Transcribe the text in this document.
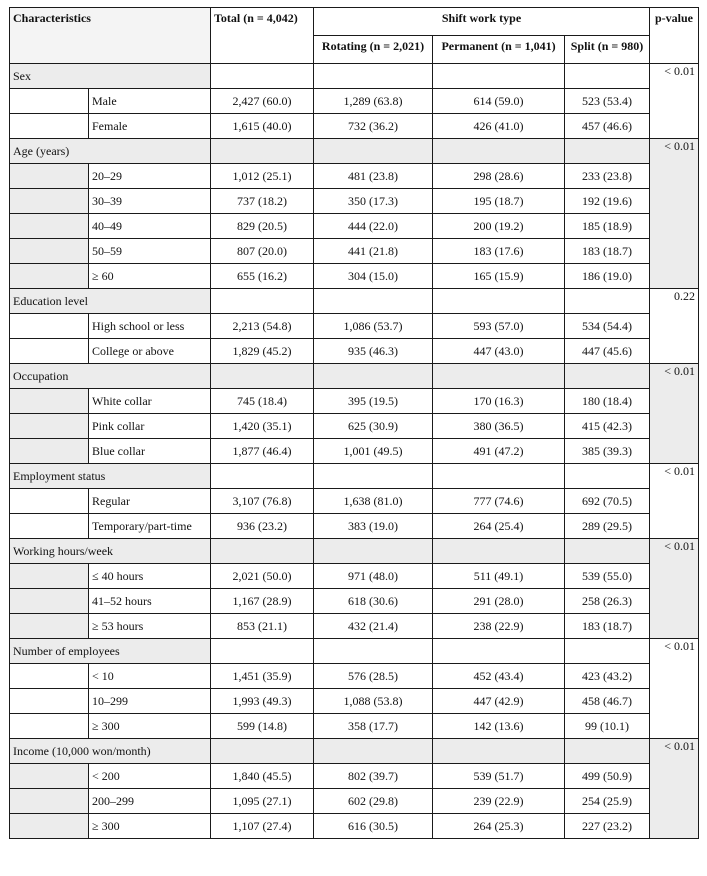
Characteristics		Total (n = 4,042)	Shift work type			p-value
			Rotating (n = 2,021)	Permanent (n = 1,041)	Split (n = 980)	
Sex						< 0.01
	Male	2,427 (60.0)	1,289 (63.8)	614 (59.0)	523 (53.4)	
	Female	1,615 (40.0)	732 (36.2)	426 (41.0)	457 (46.6)	
Age (years)						< 0.01
	20–29	1,012 (25.1)	481 (23.8)	298 (28.6)	233 (23.8)	
	30–39	737 (18.2)	350 (17.3)	195 (18.7)	192 (19.6)	
	40–49	829 (20.5)	444 (22.0)	200 (19.2)	185 (18.9)	
	50–59	807 (20.0)	441 (21.8)	183 (17.6)	183 (18.7)	
	≥ 60	655 (16.2)	304 (15.0)	165 (15.9)	186 (19.0)	
Education level						0.22
	High school or less	2,213 (54.8)	1,086 (53.7)	593 (57.0)	534 (54.4)	
	College or above	1,829 (45.2)	935 (46.3)	447 (43.0)	447 (45.6)	
Occupation						< 0.01
	White collar	745 (18.4)	395 (19.5)	170 (16.3)	180 (18.4)	
	Pink collar	1,420 (35.1)	625 (30.9)	380 (36.5)	415 (42.3)	
	Blue collar	1,877 (46.4)	1,001 (49.5)	491 (47.2)	385 (39.3)	
Employment status						< 0.01
	Regular	3,107 (76.8)	1,638 (81.0)	777 (74.6)	692 (70.5)	
	Temporary/part-time	936 (23.2)	383 (19.0)	264 (25.4)	289 (29.5)	
Working hours/week						< 0.01
	≤ 40 hours	2,021 (50.0)	971 (48.0)	511 (49.1)	539 (55.0)	
	41–52 hours	1,167 (28.9)	618 (30.6)	291 (28.0)	258 (26.3)	
	≥ 53 hours	853 (21.1)	432 (21.4)	238 (22.9)	183 (18.7)	
Number of employees						< 0.01
	< 10	1,451 (35.9)	576 (28.5)	452 (43.4)	423 (43.2)	
	10–299	1,993 (49.3)	1,088 (53.8)	447 (42.9)	458 (46.7)	
	≥ 300	599 (14.8)	358 (17.7)	142 (13.6)	99 (10.1)	
Income (10,000 won/month)						< 0.01
	< 200	1,840 (45.5)	802 (39.7)	539 (51.7)	499 (50.9)	
	200–299	1,095 (27.1)	602 (29.8)	239 (22.9)	254 (25.9)	
	≥ 300	1,107 (27.4)	616 (30.5)	264 (25.3)	227 (23.2)	
